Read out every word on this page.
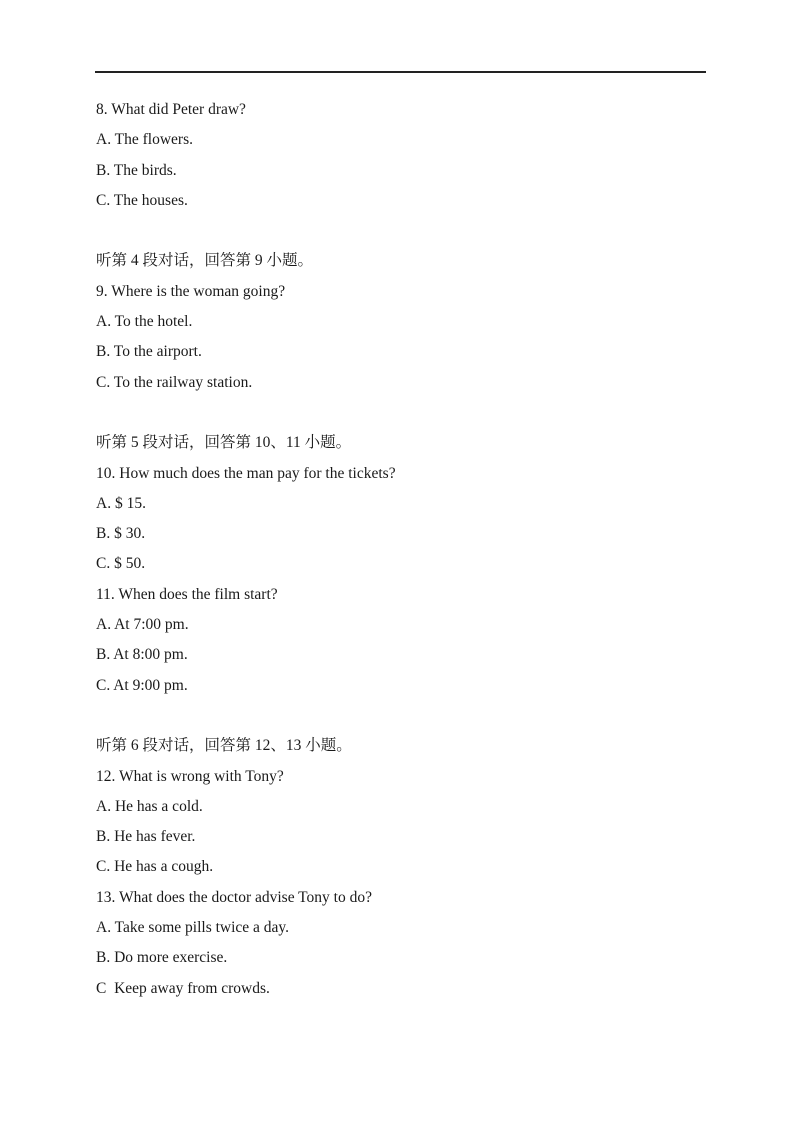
8. What did Peter draw?
A. The flowers.
B. The birds.
C. The houses.
听第 4 段对话，回答第 9 小题。
9. Where is the woman going?
A. To the hotel.
B. To the airport.
C. To the railway station.
听第 5 段对话，回答第 10、11 小题。
10. How much does the man pay for the tickets?
A. $ 15.
B. $ 30.
C. $ 50.
11. When does the film start?
A. At 7:00 pm.
B. At 8:00 pm.
C. At 9:00 pm.
听第 6 段对话，回答第 12、13 小题。
12. What is wrong with Tony?
A. He has a cold.
B. He has fever.
C. He has a cough.
13. What does the doctor advise Tony to do?
A. Take some pills twice a day.
B. Do more exercise.
C  Keep away from crowds.
